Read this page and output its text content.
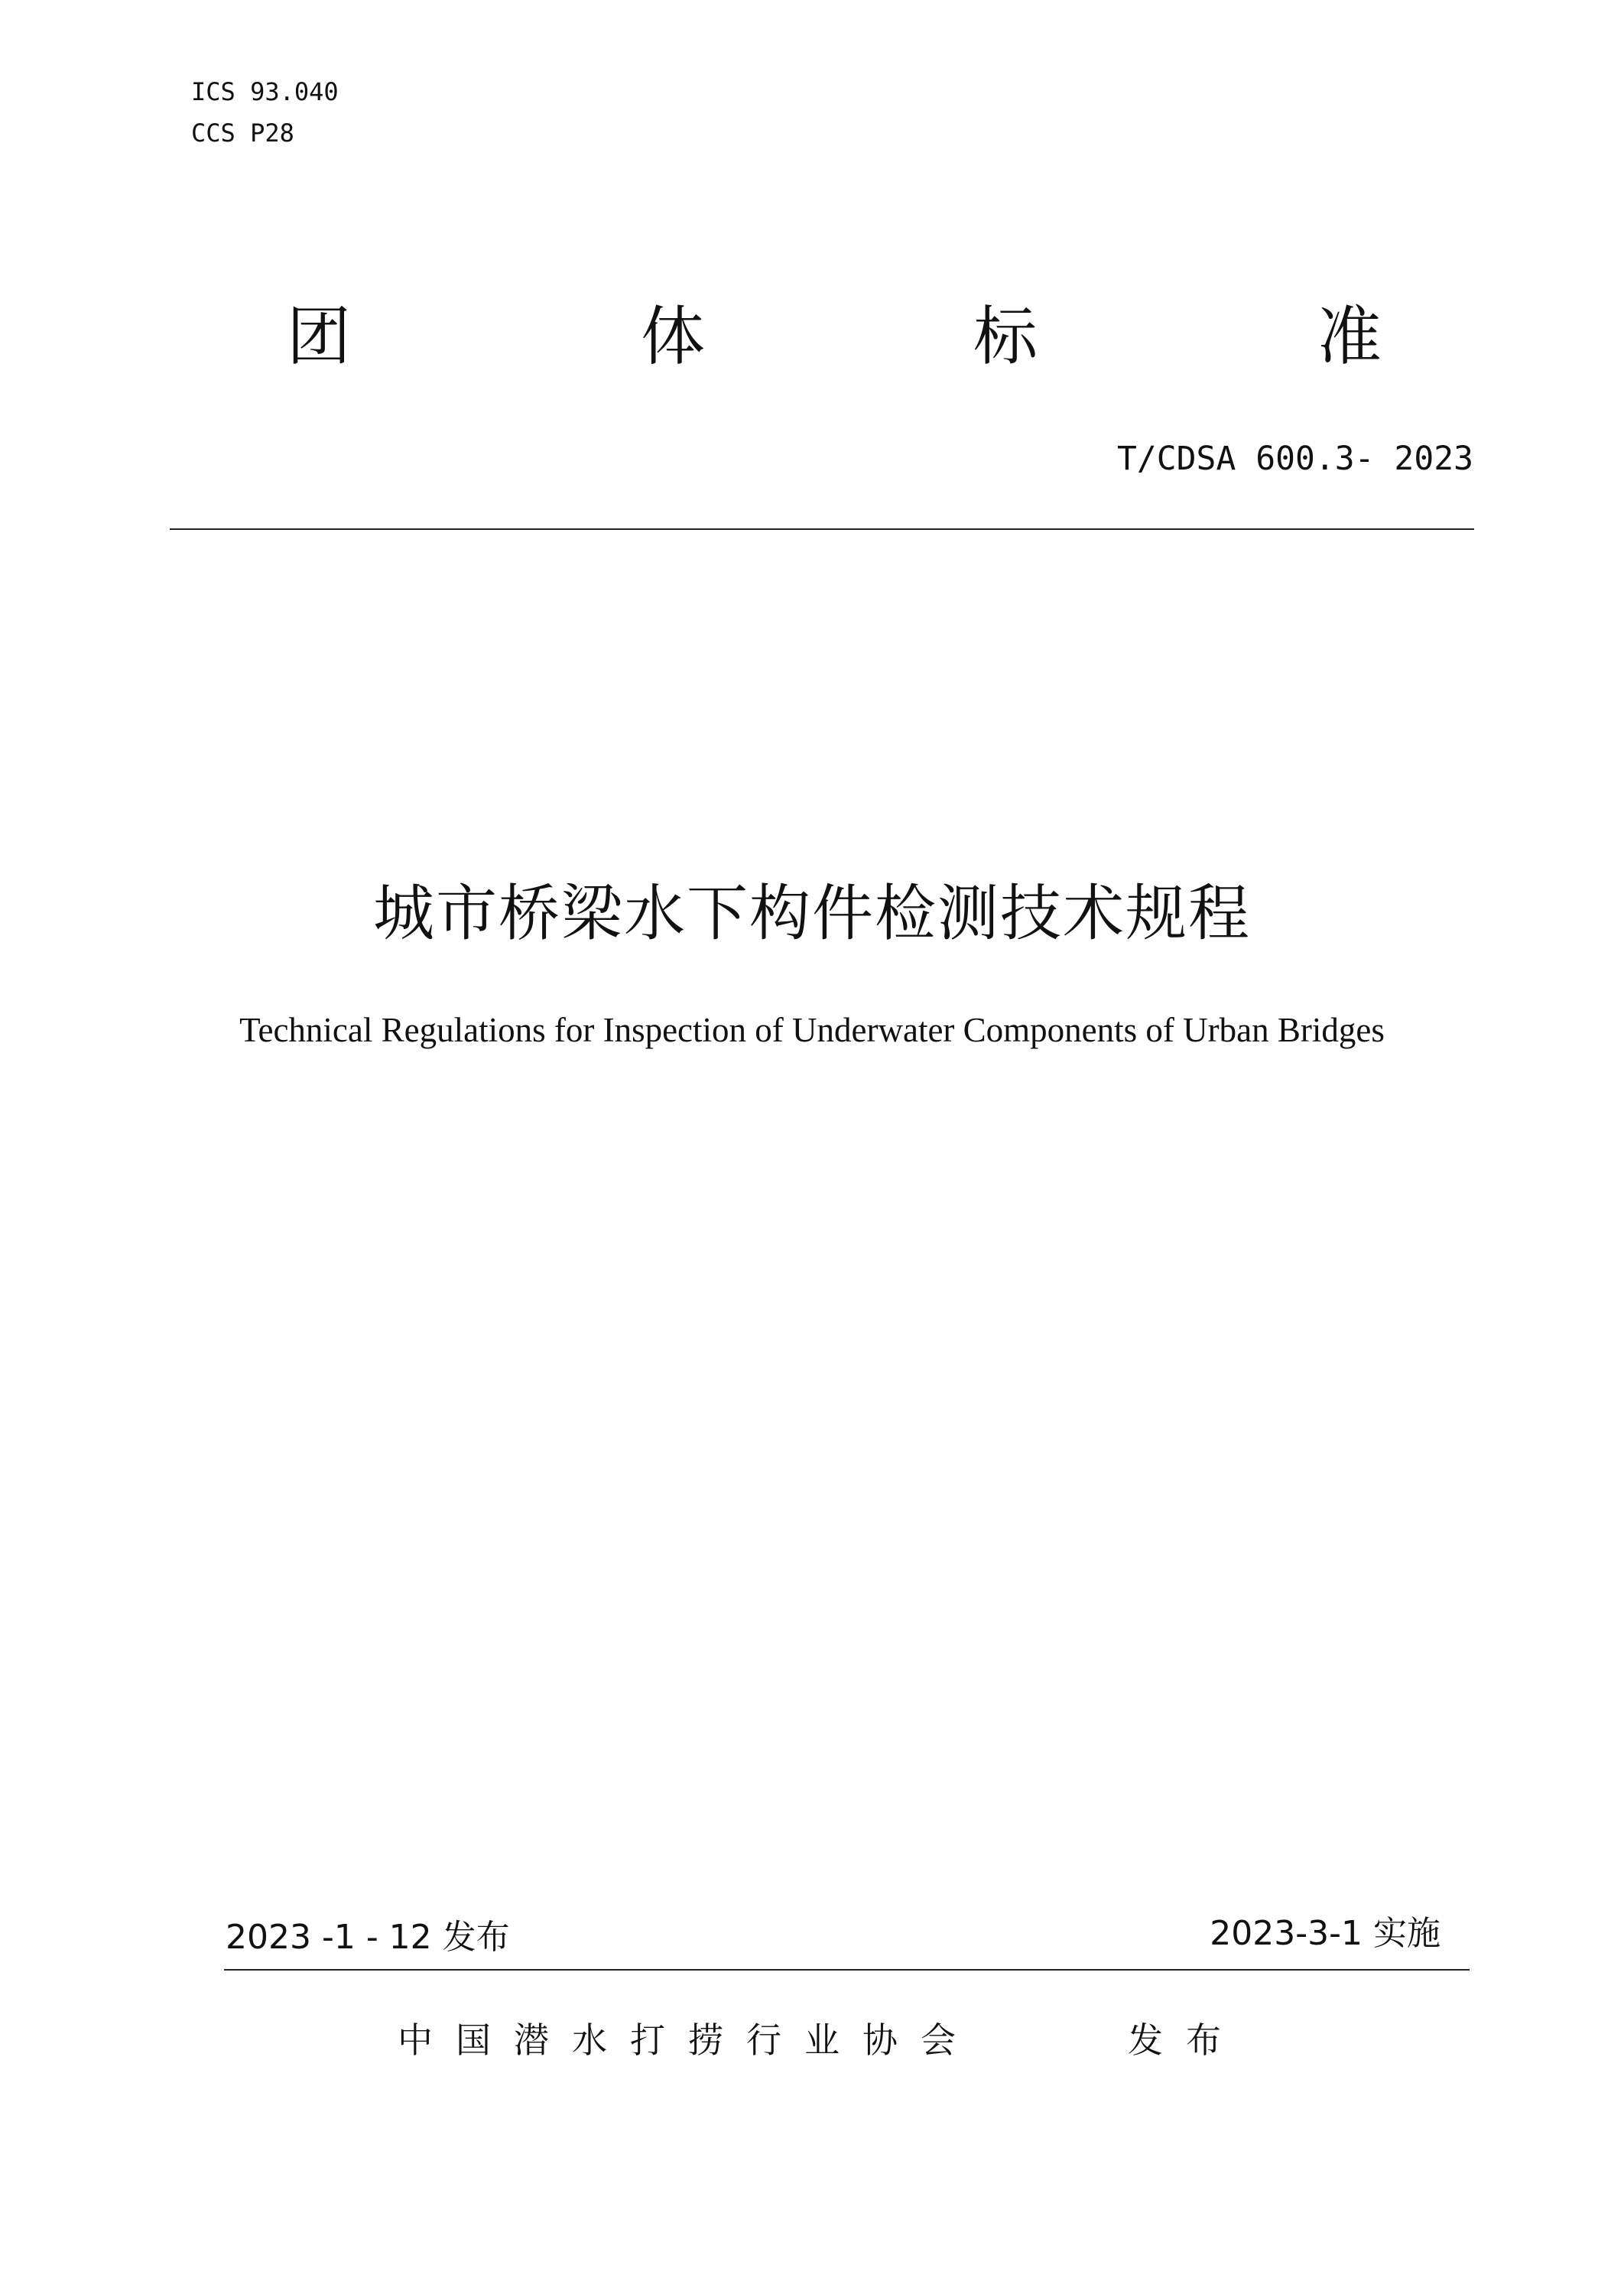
ICS 93.040
CCS P28
团	体	标	准
T/CDSA 600.3- 2023
城市桥梁水下构件检测技术规程
Technical Regulations for Inspection of Underwater Components of Urban Bridges
2023 -1 - 12 发布	2023-3-1 实施
中国潜水打捞行业协会	发布
